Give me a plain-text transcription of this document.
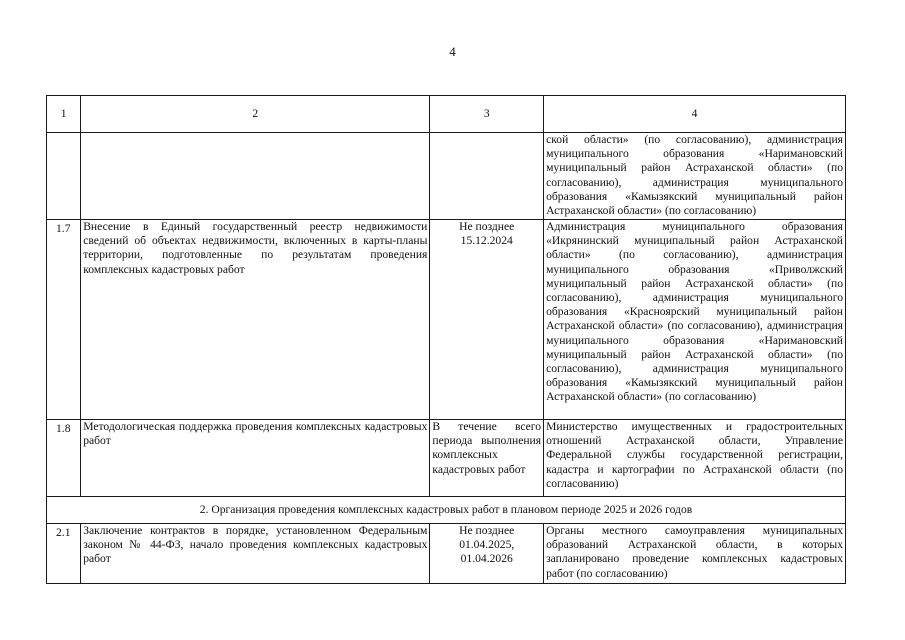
4
1	2	3	4
			ской области» (по согласованию), администрация муниципального образования «Наримановский муниципальный район Астраханской области» (по согласованию), администрация муниципального образования «Камызякский муниципальный район Астраханской области» (по согласованию)
1.7	Внесение в Единый государственный реестр недвижимости сведений об объектах недвижимости, включенных в карты-планы территории, подготовленные по результатам проведения комплексных кадастровых работ	Не позднее 15.12.2024	Администрация муниципального образования «Икрянинский муниципальный район Астраханской области» (по согласованию), администрация муниципального образования «Приволжский муниципальный район Астраханской области» (по согласованию), администрация муниципального образования «Красноярский муниципальный район Астраханской области» (по согласованию), администрация муниципального образования «Наримановский муниципальный район Астраханской области» (по согласованию), администрация муниципального образования «Камызякский муниципальный район Астраханской области» (по согласованию)
1.8	Методологическая поддержка проведения комплексных кадастровых работ	В течение всего периода выполнения комплексных кадастровых работ	Министерство имущественных и градостроительных отношений Астраханской области, Управление Федеральной службы государственной регистрации, кадастра и картографии по Астраханской области (по согласованию)
2. Организация проведения комплексных кадастровых работ в плановом периоде 2025 и 2026 годов			
2.1	Заключение контрактов в порядке, установленном Федеральным законом № 44-ФЗ, начало проведения комплексных кадастровых работ	Не позднее 01.04.2025, 01.04.2026	Органы местного самоуправления муниципальных образований Астраханской области, в которых запланировано проведение комплексных кадастровых работ (по согласованию)
